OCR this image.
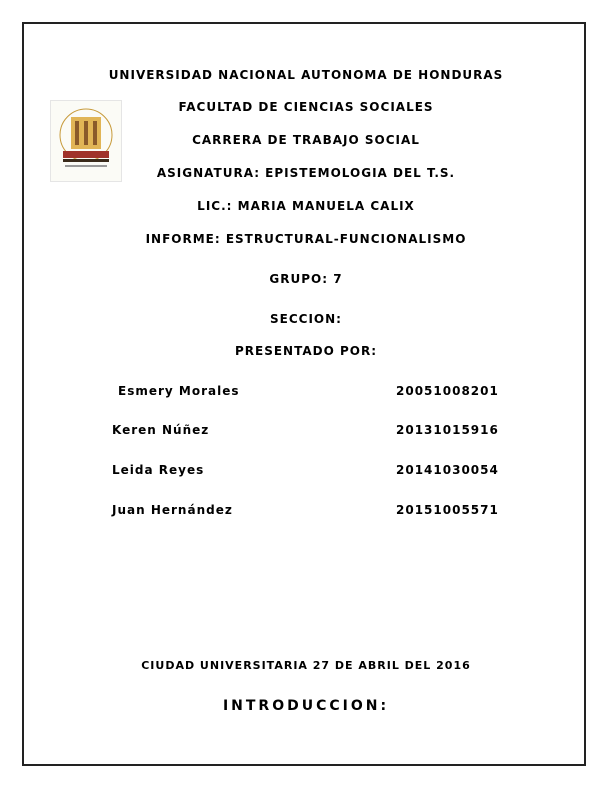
UNIVERSIDAD NACIONAL AUTONOMA DE HONDURAS
FACULTAD DE CIENCIAS SOCIALES
CARRERA DE TRABAJO SOCIAL
ASIGNATURA: EPISTEMOLOGIA DEL T.S.
LIC.: MARIA MANUELA CALIX
INFORME: ESTRUCTURAL-FUNCIONALISMO
GRUPO: 7
SECCION:
PRESENTADO POR:
Esmery Morales	20051008201
Keren Núñez	20131015916
Leida Reyes	20141030054
Juan Hernández	20151005571
CIUDAD UNIVERSITARIA 27 DE ABRIL DEL 2016
INTRODUCCION:
